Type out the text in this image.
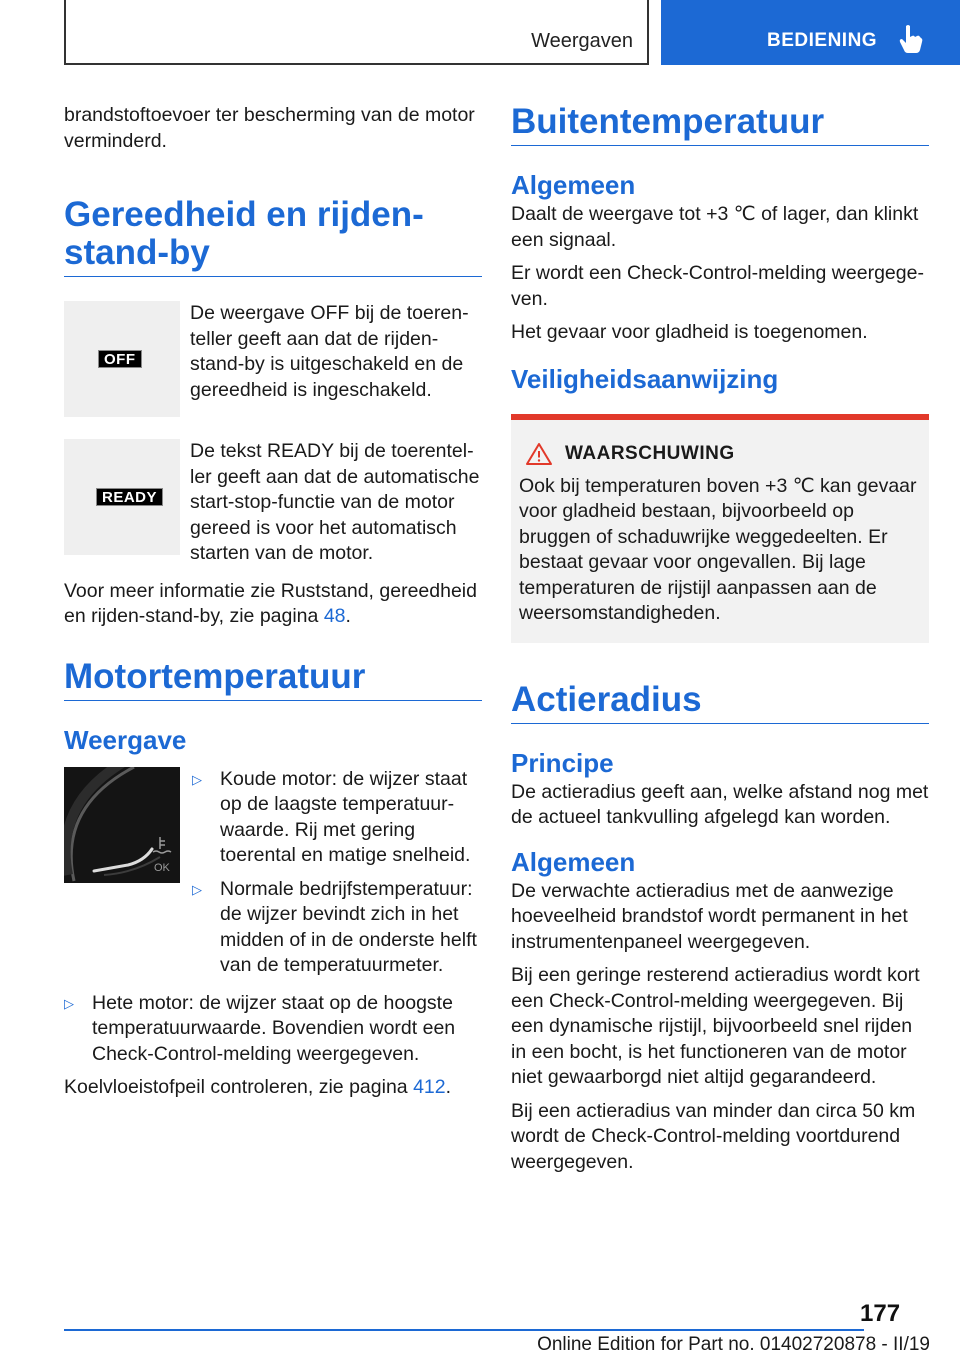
Weergaven	BEDIENING

brandstoftoevoer ter bescherming van de motor verminderd.

Gereedheid en rijden-stand-by
OFF

De weergave OFF bij de toerenteller geeft aan dat de rijdenstand-by is uitgeschakeld en de gereedheid is ingeschakeld.

READY

De tekst READY bij de toerenteller geeft aan dat de automatische start-stop-functie van de motor gereed is voor het automatisch starten van de motor.

Voor meer informatie zie Ruststand, gereedheid en rijden-stand-by, zie pagina 48.

Motortemperatuur
Weergave
OK
▷ Koude motor: de wijzer staat op de laagste temperatuurwaarde. Rij met gering toerental en matige snelheid.
▷ Normale bedrijfstemperatuur: de wijzer bevindt zich in het midden of in de onderste helft van de temperatuurmeter.
▷ Hete motor: de wijzer staat op de hoogste temperatuurwaarde. Bovendien wordt een Check-Control-melding weergegeven.

Koelvloeistofpeil controleren, zie pagina 412.

Buitentemperatuur
Algemeen

Daalt de weergave tot +3 ℃ of lager, dan klinkt een signaal.

Er wordt een Check-Control-melding weergegeven.

Het gevaar voor gladheid is toegenomen.

Veiligheidsaanwijzing
WAARSCHUWING

Ook bij temperaturen boven +3 ℃ kan gevaar voor gladheid bestaan, bijvoorbeeld op bruggen of schaduwrijke weggedeelten. Er bestaat gevaar voor ongevallen. Bij lage temperaturen de rijstijl aanpassen aan de weersomstandigheden.

Actieradius
Principe

De actieradius geeft aan, welke afstand nog met de actueel tankvulling afgelegd kan worden.

Algemeen

De verwachte actieradius met de aanwezige hoeveelheid brandstof wordt permanent in het instrumentenpaneel weergegeven.

Bij een geringe resterend actieradius wordt kort een Check-Control-melding weergegeven. Bij een dynamische rijstijl, bijvoorbeeld snel rijden in een bocht, is het functioneren van de motor niet gewaarborgd niet altijd gegarandeerd.

Bij een actieradius van minder dan circa 50 km wordt de Check-Control-melding voortdurend weergegeven.

177
Online Edition for Part no. 01402720878 - II/19
